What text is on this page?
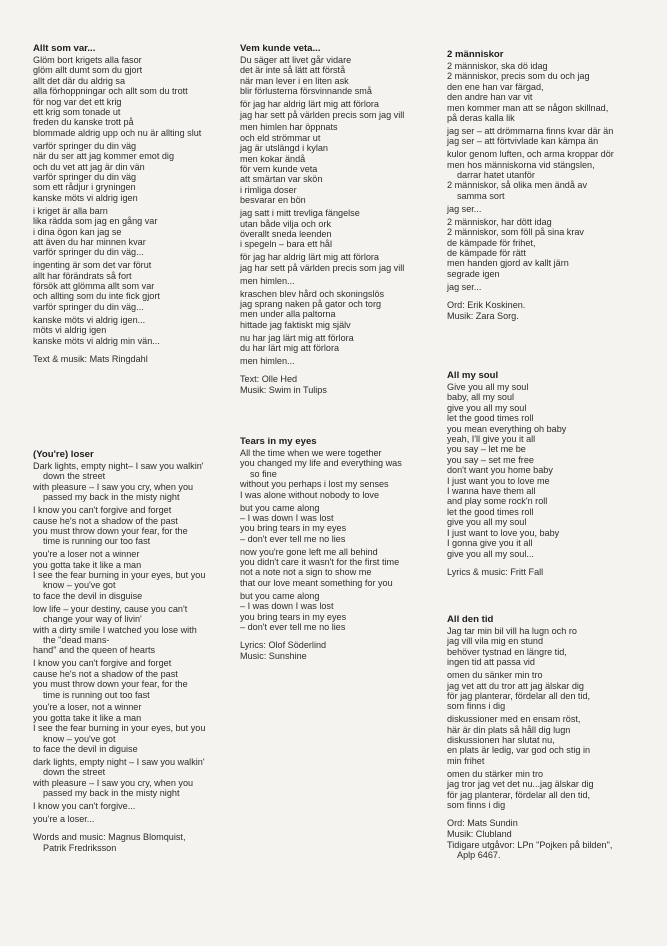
Allt som var...
Glöm bort krigets alla fasor
glöm allt dumt som du gjort
allt det där du aldrig sa
alla förhoppningar och allt som du trott
för nog var det ett krig
ett krig som tonade ut
freden du kanske trott på
blommade aldrig upp och nu är allting slut
varför springer du din väg
när du ser att jag kommer emot dig
och du vet att jag är din vän
varför springer du din väg
som ett rådjur i gryningen
kanske möts vi aldrig igen
i kriget är alla barn
lika rädda som jag en gång var
i dina ögon kan jag se
att även du har minnen kvar
varför springer du din väg...
ingenting är som det var förut
allt har förändrats så fort
försök att glömma allt som var
och allting som du inte fick gjort
varför springer du din väg...
kanske möts vi aldrig igen...
möts vi aldrig igen
kanske möts vi aldrig min vän...
Text & musik: Mats Ringdahl
(You're) loser
Dark lights, empty night– I saw you walkin'
down the street
with pleasure – I saw you cry, when you
passed my back in the misty night
I know you can't forgive and forget
cause he's not a shadow of the past
you must throw down your fear, for the
time is running our too fast
you're a loser not a winner
you gotta take it like a man
I see the fear burning in your eyes, but you
know – you've got
to face the devil in disguise
low life – your destiny, cause you can't
change your way of livin'
with a dirty smile I watched you lose with
the "dead mans-
hand" and the queen of hearts
I know you can't forgive and forget
cause he's not a shadow of the past
you must throw down your fear, for the
time is running out too fast
you're a loser, not a winner
you gotta take it like a man
I see the fear burning in your eyes, but you
know – you've got
to face the devil in diguise
dark lights, empty night – I saw you walkin'
down the street
with pleasure – I saw you cry, when you
passed my back in the misty night
I know you can't forgive...
you're a loser...
Words and music: Magnus Blomquist,
Patrik Fredriksson
Vem kunde veta...
Du säger att livet går vidare
det är inte så lätt att förstå
när man lever i en liten ask
blir förlusterna försvinnande små
för jag har aldrig lärt mig att förlora
jag har sett på världen precis som jag vill
men himlen har öppnats
och eld strömmar ut
jag är utslängd i kylan
men kokar ändå
för vem kunde veta
att smärtan var skön
i rimliga doser
besvarar en bön
jag satt i mitt trevliga fängelse
utan både vilja och ork
överallt sneda leenden
i spegeln – bara ett hål
för jag har aldrig lärt mig att förlora
jag har sett på världen precis som jag vill
men himlen...
kraschen blev hård och skoningslös
jag sprang naken på gator och torg
men under alla paltorna
hittade jag faktiskt mig själv
nu har jag lärt mig att förlora
du har lärt mig att förlora
men himlen...
Text: Olle Hed
Musik: Swim in Tulips
Tears in my eyes
All the time when we were together
you changed my life and everything was
so fine
without you perhaps i lost my senses
I was alone without nobody to love
but you came along
– I was down I was lost
you bring tears in my eyes
– don't ever tell me no lies
now you're gone left me all behind
you didn't care it wasn't for the first time
not a note not a sign to show me
that our love meant something for you
but you came along
– I was down I was lost
you bring tears in my eyes
– don't ever tell me no lies
Lyrics: Olof Söderlind
Music: Sunshine
2 människor
2 människor, ska dö idag
2 människor, precis som du och jag
den ene han var färgad,
den andre han var vit
men kommer man att se någon skillnad,
på deras kalla lik
jag ser – att drömmarna finns kvar där än
jag ser – att förtvivlade kan kämpa än
kulor genom luften, och arma kroppar dör
men hos människorna vid stängslen,
darrar hatet utanför
2 människor, så olika men ändå av
samma sort
jag ser...
2 människor, har dött idag
2 människor, som föll på sina krav
de kämpade för frihet,
de kämpade för rätt
men handen gjord av kallt järn
segrade igen
jag ser...
Ord: Erik Koskinen.
Musik: Zara Sorg.
All my soul
Give you all my soul
baby, all my soul
give you all my soul
let the good times roll
you mean everything oh baby
yeah, I'll give you it all
you say – let me be
you say – set me free
don't want you home baby
I just want you to love me
I wanna have them all
and play some rock'n roll
let the good times roll
give you all my soul
I just want to love you, baby
I gonna give you it all
give you all my soul...
Lyrics & music: Fritt Fall
All den tid
Jag tar min bil vill ha lugn och ro
jag vill vila mig en stund
behöver tystnad en längre tid,
ingen tid att passa vid
omen du sänker min tro
jag vet att du tror att jag älskar dig
för jag planterar, fördelar all den tid,
som finns i dig
diskussioner med en ensam röst,
här är din plats så håll dig lugn
diskussionen har slutat nu,
en plats är ledig, var god och stig in
min frihet
omen du stärker min tro
jag tror jag vet det nu...jag älskar dig
för jag planterar, fördelar all den tid,
som finns i dig
Ord: Mats Sundin
Musik: Clubland
Tidigare utgåvor: LPn "Pojken på bilden",
Aplp 6467.
